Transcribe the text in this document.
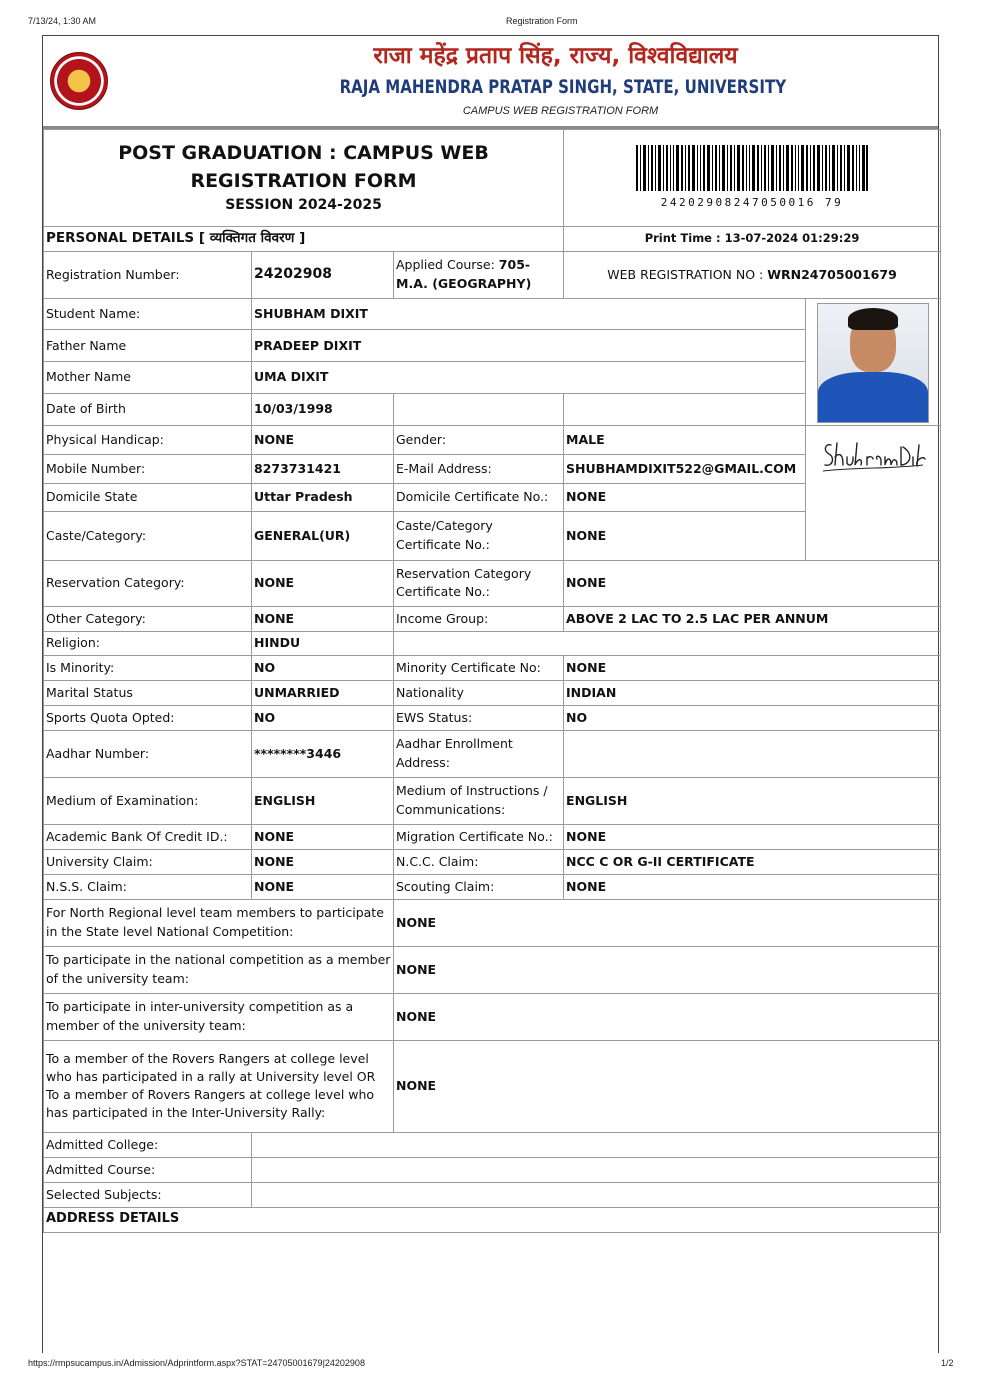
7/13/24, 1:30 AM	Registration Form
राजा महेंद्र प्रताप सिंह, राज्य, विश्वविद्यालय
RAJA MAHENDRA PRATAP SINGH, STATE, UNIVERSITY
CAMPUS WEB REGISTRATION FORM
POST GRADUATION : CAMPUS WEB REGISTRATION FORM
SESSION 2024-2025			24202908247050016 79	

PERSONAL DETAILS [ व्यक्तिगत विवरण ]			Print Time : 13-07-2024 01:29:29	
Registration Number:	24202908	Applied Course: 705-M.A. (GEOGRAPHY)	WEB REGISTRATION NO : WRN24705001679	
Student Name:	SHUBHAM DIXIT			

Father Name	PRADEEP DIXIT			
Mother Name	UMA DIXIT			
Date of Birth	10/03/1998			
Physical Handicap:	NONE	Gender:	MALE	

Mobile Number:	8273731421	E-Mail Address:	SHUBHAMDIXIT522@GMAIL.COM	
Domicile State	Uttar Pradesh	Domicile Certificate No.:	NONE	
Caste/Category:	GENERAL(UR)	Caste/Category Certificate No.:	NONE	
Reservation Category:	NONE	Reservation Category Certificate No.:	NONE	
Other Category:	NONE	Income Group:	ABOVE 2 LAC TO 2.5 LAC PER ANNUM	
Religion:	HINDU			
Is Minority:	NO	Minority Certificate No:	NONE	
Marital Status	UNMARRIED	Nationality	INDIAN	
Sports Quota Opted:	NO	EWS Status:	NO	
Aadhar Number:	********3446	Aadhar Enrollment Address:		
Medium of Examination:	ENGLISH	Medium of Instructions / Communications:	ENGLISH	
Academic Bank Of Credit ID.:	NONE	Migration Certificate No.:	NONE	
University Claim:	NONE	N.C.C. Claim:	NCC C OR G-II CERTIFICATE	
N.S.S. Claim:	NONE	Scouting Claim:	NONE	
For North Regional level team members to participate in the State level National Competition:		NONE		
To participate in the national competition as a member of the university team:		NONE		
To participate in inter-university competition as a member of the university team:		NONE		
To a member of the Rovers Rangers at college level who has participated in a rally at University level OR
To a member of Rovers Rangers at college level who has participated in the Inter-University Rally:		NONE		
Admitted College:				
Admitted Course:				
Selected Subjects:				
ADDRESS DETAILS				
https://rmpsucampus.in/Admission/Adprintform.aspx?STAT=24705001679|24202908	1/2
